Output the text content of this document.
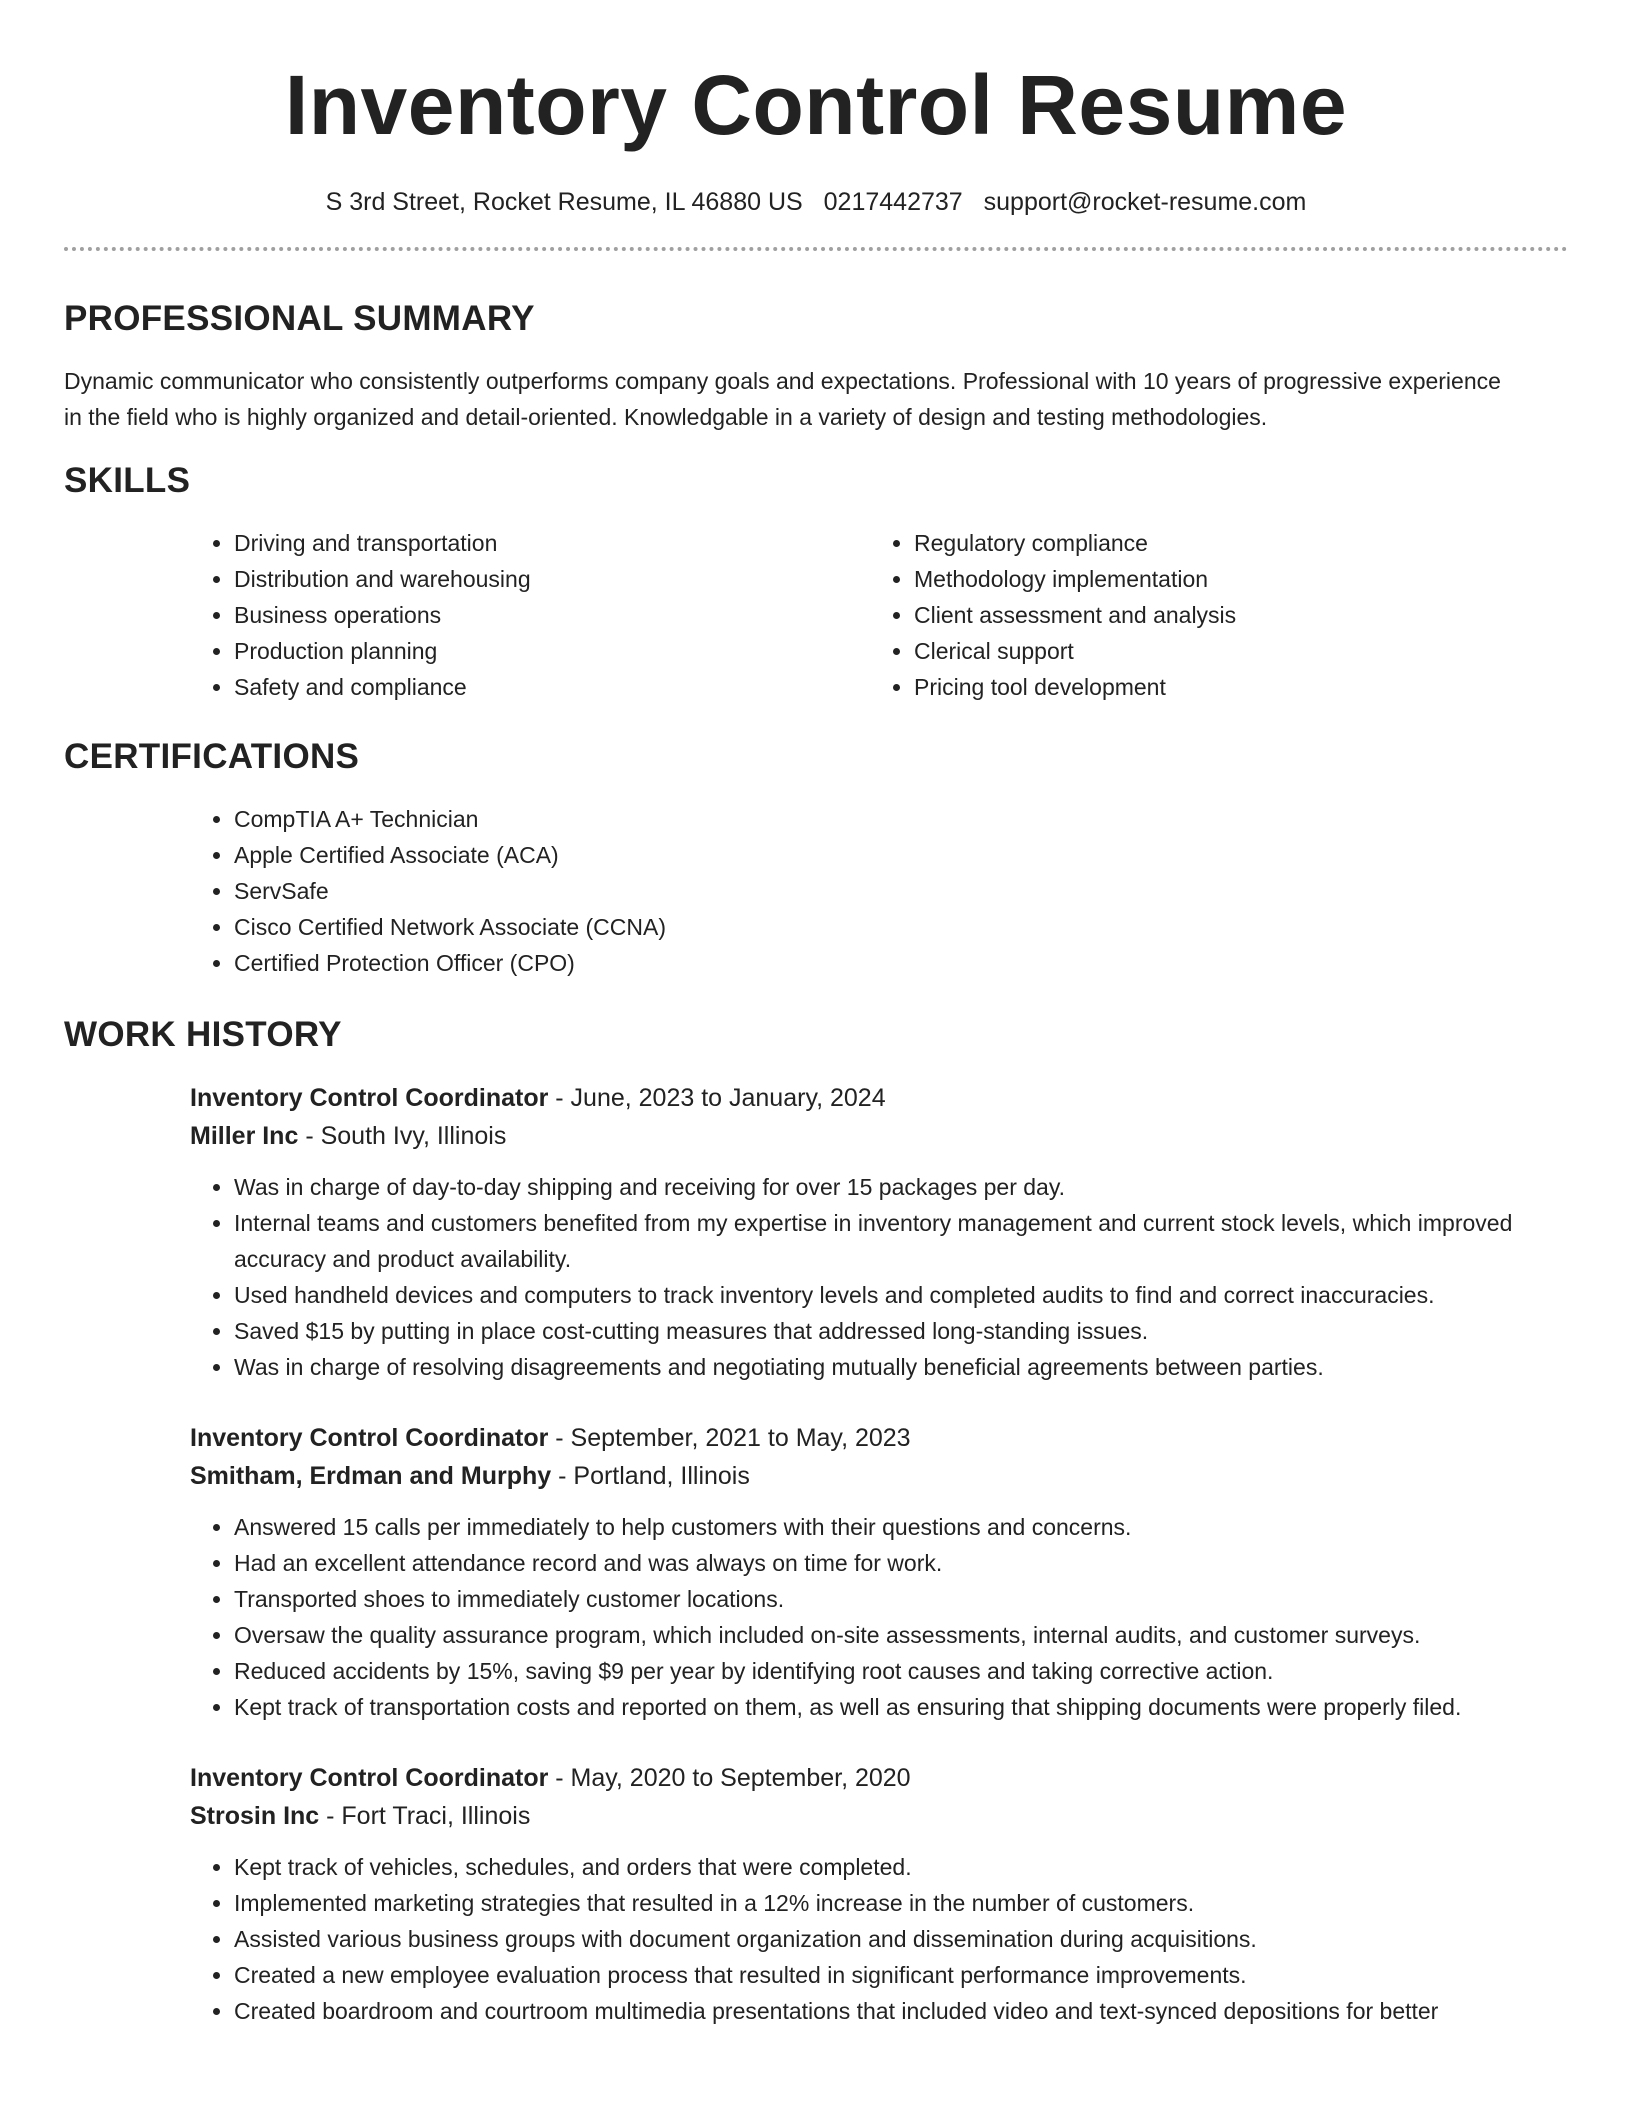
Inventory Control Resume
S 3rd Street, Rocket Resume, IL 46880 US 0217442737 support@rocket-resume.com
PROFESSIONAL SUMMARY

Dynamic communicator who consistently outperforms company goals and expectations. Professional with 10 years of progressive experience in the field who is highly organized and detail-oriented. Knowledgable in a variety of design and testing methodologies.

SKILLS
• Driving and transportation
• Distribution and warehousing
• Business operations
• Production planning
• Safety and compliance
• Regulatory compliance
• Methodology implementation
• Client assessment and analysis
• Clerical support
• Pricing tool development
CERTIFICATIONS
• CompTIA A+ Technician
• Apple Certified Associate (ACA)
• ServSafe
• Cisco Certified Network Associate (CCNA)
• Certified Protection Officer (CPO)
WORK HISTORY
Inventory Control Coordinator - June, 2023 to January, 2024
Miller Inc - South Ivy, Illinois
• Was in charge of day-to-day shipping and receiving for over 15 packages per day.
• Internal teams and customers benefited from my expertise in inventory management and current stock levels, which improved accuracy and product availability.
• Used handheld devices and computers to track inventory levels and completed audits to find and correct inaccuracies.
• Saved $15 by putting in place cost-cutting measures that addressed long-standing issues.
• Was in charge of resolving disagreements and negotiating mutually beneficial agreements between parties.
Inventory Control Coordinator - September, 2021 to May, 2023
Smitham, Erdman and Murphy - Portland, Illinois
• Answered 15 calls per immediately to help customers with their questions and concerns.
• Had an excellent attendance record and was always on time for work.
• Transported shoes to immediately customer locations.
• Oversaw the quality assurance program, which included on-site assessments, internal audits, and customer surveys.
• Reduced accidents by 15%, saving $9 per year by identifying root causes and taking corrective action.
• Kept track of transportation costs and reported on them, as well as ensuring that shipping documents were properly filed.
Inventory Control Coordinator - May, 2020 to September, 2020
Strosin Inc - Fort Traci, Illinois
• Kept track of vehicles, schedules, and orders that were completed.
• Implemented marketing strategies that resulted in a 12% increase in the number of customers.
• Assisted various business groups with document organization and dissemination during acquisitions.
• Created a new employee evaluation process that resulted in significant performance improvements.
• Created boardroom and courtroom multimedia presentations that included video and text-synced depositions for better
